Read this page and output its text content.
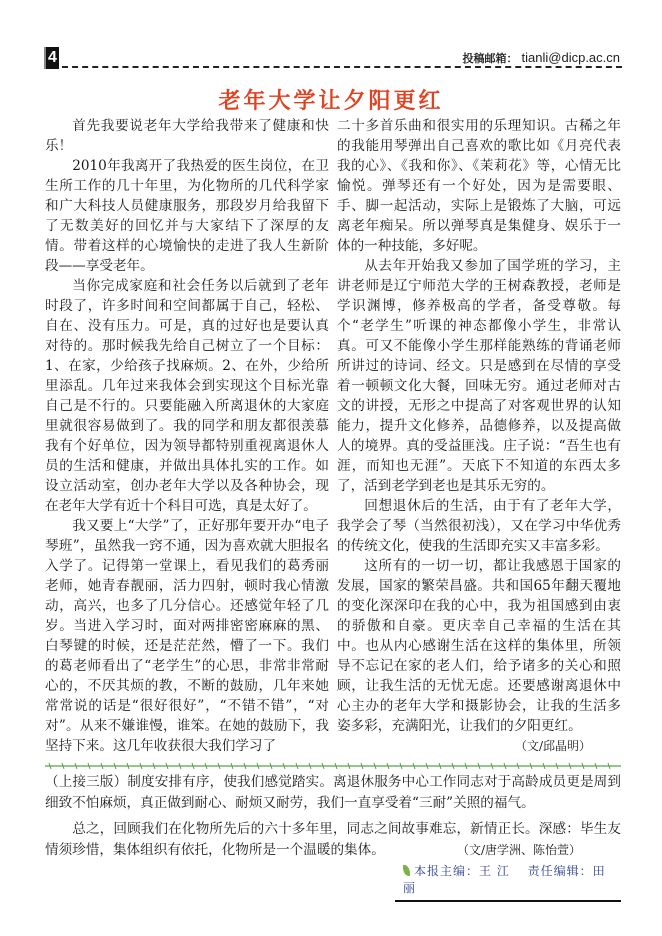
4	投稿邮箱： tianli@dicp.ac.cn
老年大学让夕阳更红

首先我要说老年大学给我带来了健康和快乐！

2010年我离开了我热爱的医生岗位，在卫生所工作的几十年里，为化物所的几代科学家和广大科技人员健康服务，那段岁月给我留下了无数美好的回忆并与大家结下了深厚的友情。带着这样的心境愉快的走进了我人生新阶段——享受老年。

当你完成家庭和社会任务以后就到了老年时段了，许多时间和空间都属于自己，轻松、自在、没有压力。可是，真的过好也是要认真对待的。那时候我先给自己树立了一个目标：1、在家，少给孩子找麻烦。2、在外，少给所里添乱。几年过来我体会到实现这个目标光靠自己是不行的。只要能融入所离退休的大家庭里就很容易做到了。我的同学和朋友都很羡慕我有个好单位，因为领导都特别重视离退休人员的生活和健康，并做出具体扎实的工作。如设立活动室，创办老年大学以及各种协会，现在老年大学有近十个科目可选，真是太好了。

我又要上“大学”了，正好那年要开办“电子琴班”，虽然我一窍不通，因为喜欢就大胆报名入学了。记得第一堂课上，看见我们的葛秀丽老师，她青春靓丽，活力四射，顿时我心情激动，高兴，也多了几分信心。还感觉年轻了几岁。当进入学习时，面对两排密密麻麻的黑、白琴键的时候，还是茫茫然，懵了一下。我们的葛老师看出了“老学生”的心思，非常非常耐心的，不厌其烦的教，不断的鼓励，几年来她常常说的话是“很好很好”，“不错不错”，“对对”。从来不嫌谁慢，谁笨。在她的鼓励下，我坚持下来。这几年收获很大我们学习了

二十多首乐曲和很实用的乐理知识。古稀之年的我能用琴弹出自己喜欢的歌比如《月亮代表我的心》、《我和你》、《茉莉花》等，心情无比愉悦。弹琴还有一个好处，因为是需要眼、手、脚一起活动，实际上是锻炼了大脑，可远离老年痴呆。所以弹琴真是集健身、娱乐于一体的一种技能，多好呢。

从去年开始我又参加了国学班的学习，主讲老师是辽宁师范大学的王树森教授，老师是学识渊博，修养极高的学者，备受尊敬。每个“老学生”听课的神态都像小学生，非常认真。可又不能像小学生那样能熟练的背诵老师所讲过的诗词、经文。只是感到在尽情的享受着一顿顿文化大餐，回味无穷。通过老师对古文的讲授，无形之中提高了对客观世界的认知能力，提升文化修养，品德修养，以及提高做人的境界。真的受益匪浅。庄子说：“吾生也有涯，而知也无涯”。天底下不知道的东西太多了，活到老学到老也是其乐无穷的。

回想退休后的生活，由于有了老年大学，我学会了琴（当然很初浅），又在学习中华优秀的传统文化，使我的生活即充实又丰富多彩。

这所有的一切一切，都让我感恩于国家的发展，国家的繁荣昌盛。共和国65年翻天覆地的变化深深印在我的心中，我为祖国感到由衷的骄傲和自豪。更庆幸自己幸福的生活在其中。也从内心感谢生活在这样的集体里，所领导不忘记在家的老人们，给予诸多的关心和照顾，让我生活的无忧无虑。还要感谢离退休中心主办的老年大学和摄影协会，让我的生活多姿多彩，充满阳光，让我们的夕阳更红。

（文/邱晶明）

（上接三版）制度安排有序，使我们感觉踏实。离退休服务中心工作同志对于高龄成员更是周到细致不怕麻烦，真正做到耐心、耐烦又耐劳，我们一直享受着“三耐”关照的福气。

总之，回顾我们在化物所先后的六十多年里，同志之间故事难忘，新情正长。深感：毕生友情须珍惜，集体组织有依托，化物所是一个温暖的集体。	（文/唐学洲、陈怡萱）

本报主编：王 江　 责任编辑：田 丽
